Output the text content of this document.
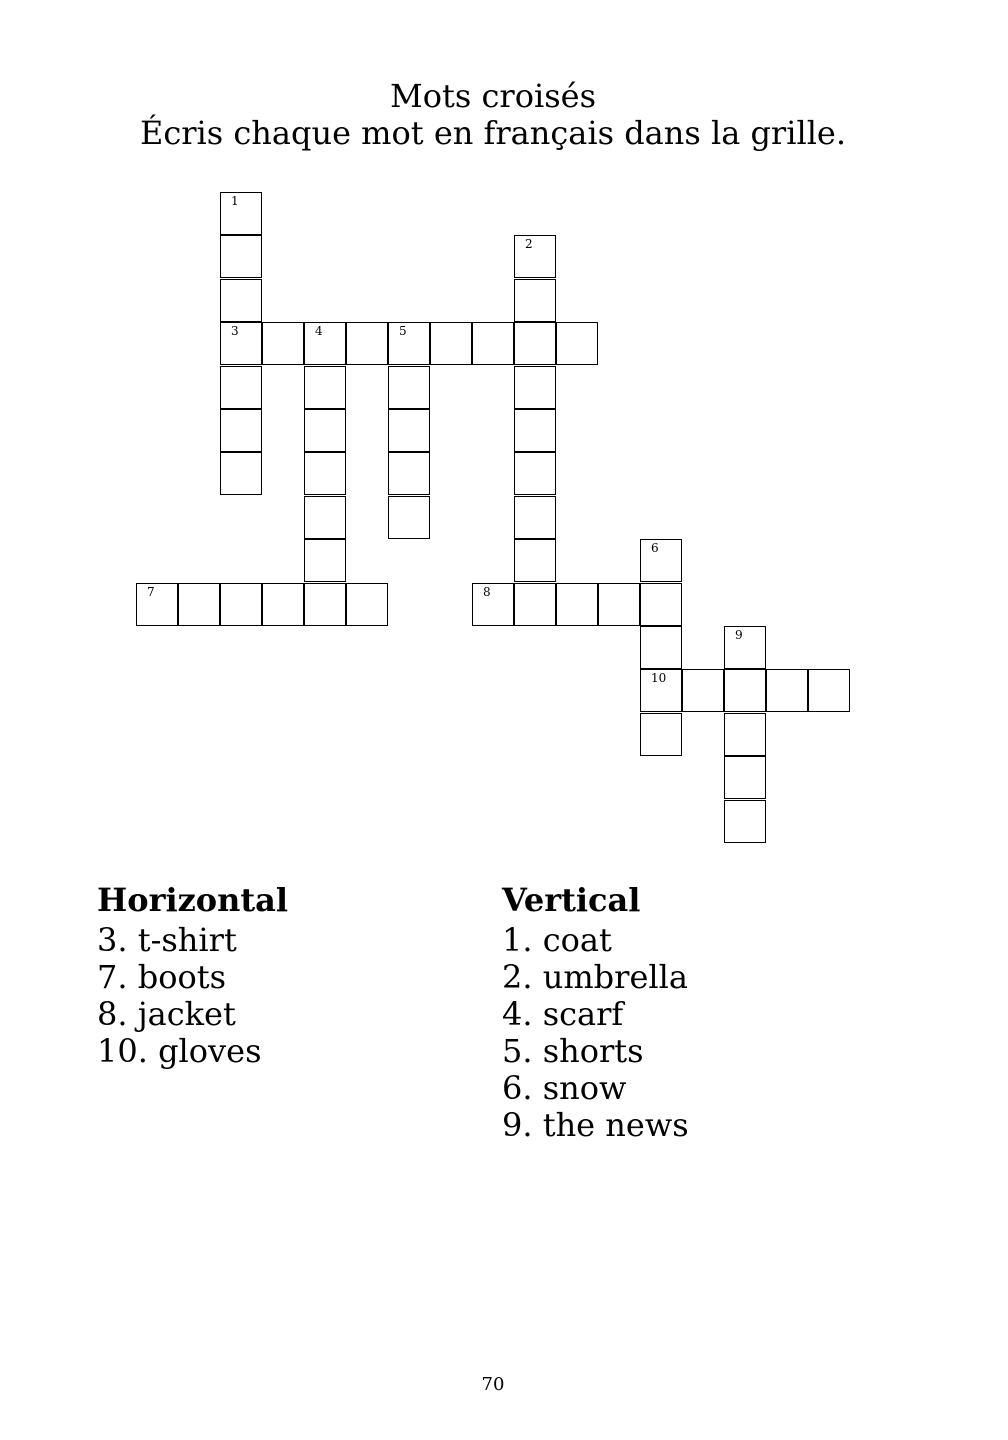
Mots croisés
Écris chaque mot en français dans la grille.
1
3
2
4	5
7	8
6
10
9
Horizontal
3. t-shirt
7. boots
8. jacket
10. gloves
Vertical
1. coat
2. umbrella
4. scarf
5. shorts
6. snow
9. the news
70
